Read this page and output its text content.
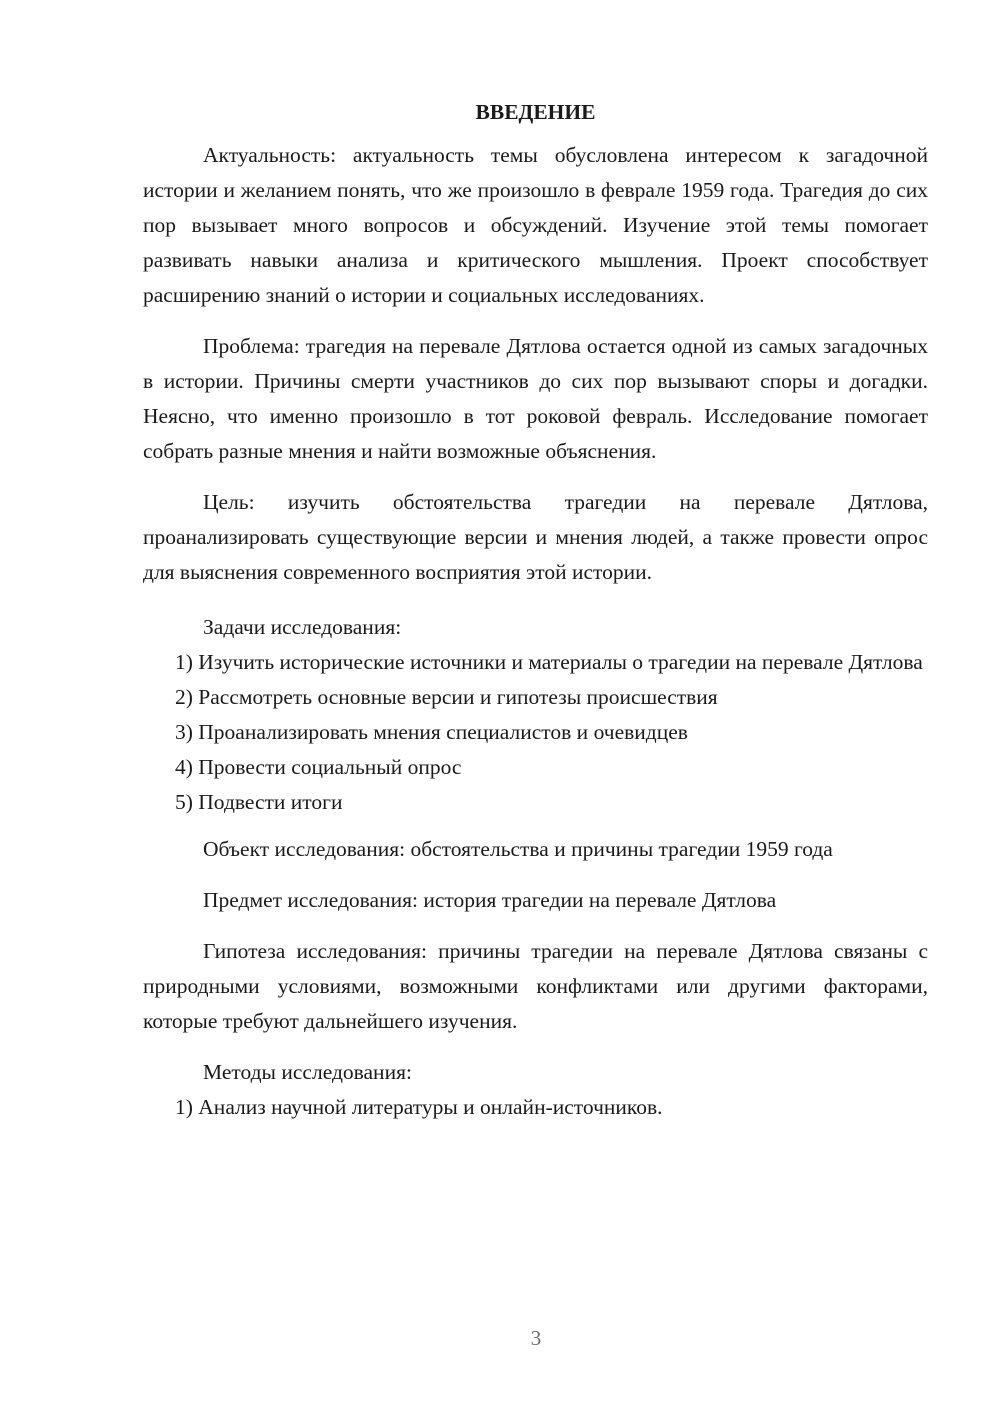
ВВЕДЕНИЕ

Актуальность: актуальность темы обусловлена интересом к загадочной истории и желанием понять, что же произошло в феврале 1959 года. Трагедия до сих пор вызывает много вопросов и обсуждений. Изучение этой темы помогает развивать навыки анализа и критического мышления. Проект способствует расширению знаний о истории и социальных исследованиях.

Проблема: трагедия на перевале Дятлова остается одной из самых загадочных в истории. Причины смерти участников до сих пор вызывают споры и догадки. Неясно, что именно произошло в тот роковой февраль. Исследование помогает собрать разные мнения и найти возможные объяснения.

Цель: изучить обстоятельства трагедии на перевале Дятлова, проанализировать существующие версии и мнения людей, а также провести опрос для выяснения современного восприятия этой истории.

Задачи исследования:

1) Изучить исторические источники и материалы о трагедии на перевале Дятлова

2) Рассмотреть основные версии и гипотезы происшествия

3) Проанализировать мнения специалистов и очевидцев

4) Провести социальный опрос

5) Подвести итоги

Объект исследования: обстоятельства и причины трагедии 1959 года

Предмет исследования: история трагедии на перевале Дятлова

Гипотеза исследования: причины трагедии на перевале Дятлова связаны с природными условиями, возможными конфликтами или другими факторами, которые требуют дальнейшего изучения.

Методы исследования:

1) Анализ научной литературы и онлайн-источников.

3
